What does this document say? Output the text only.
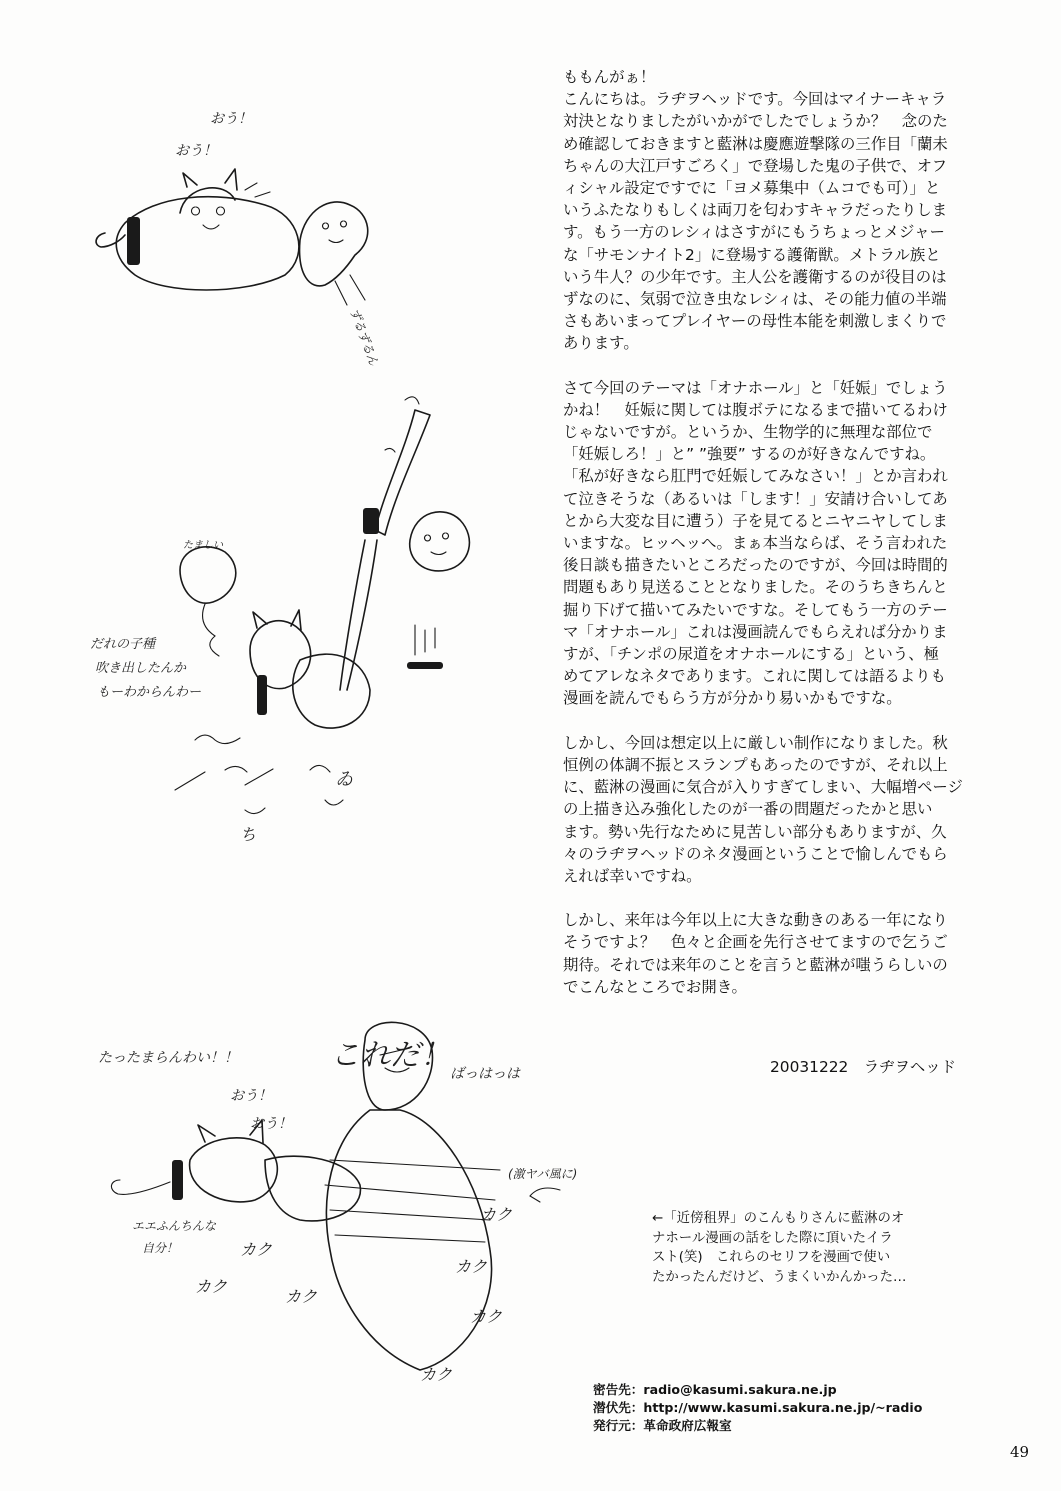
おう！
おう！
ずるずるん
たましい
だれの子種
吹き出したんか
もーわからんわー
ゐ
ち
これだ！
たったまらんわい！！
おう！
おう！
ばっはっは
(激ヤバ風に)
エエふんちんな
自分！	カク
カク
カク
カク
カク
カク
カク
ももんがぁ！
こんにちは。ラヂヲヘッドです。今回はマイナーキャラ
対決となりましたがいかがでしたでしょうか？　念のた
め確認しておきますと藍淋は慶應遊撃隊の三作目「蘭未
ちゃんの大江戸すごろく」で登場した鬼の子供で、オフ
ィシャル設定ですでに「ヨメ募集中（ムコでも可）」と
いうふたなりもしくは両刀を匂わすキャラだったりしま
す。もう一方のレシィはさすがにもうちょっとメジャー
な「サモンナイト2」に登場する護衛獣。メトラル族と
いう牛人？の少年です。主人公を護衛するのが役目のは
ずなのに、気弱で泣き虫なレシィは、その能力値の半端
さもあいまってプレイヤーの母性本能を刺激しまくりで
あります。
さて今回のテーマは「オナホール」と「妊娠」でしょう
かね！　妊娠に関しては腹ボテになるまで描いてるわけ
じゃないですが。というか、生物学的に無理な部位で
「妊娠しろ！」と” ”強要” するのが好きなんですね。
「私が好きなら肛門で妊娠してみなさい！」とか言われ
て泣きそうな（あるいは「します！」安請け合いしてあ
とから大変な目に遭う）子を見てるとニヤニヤしてしま
いますな。ヒッヘッへ。まぁ本当ならば、そう言われた
後日談も描きたいところだったのですが、今回は時間的
問題もあり見送ることとなりました。そのうちきちんと
掘り下げて描いてみたいですな。そしてもう一方のテー
マ「オナホール」これは漫画読んでもらえれば分かりま
すが、「チンポの尿道をオナホールにする」という、極
めてアレなネタであります。これに関しては語るよりも
漫画を読んでもらう方が分かり易いかもですな。
しかし、今回は想定以上に厳しい制作になりました。秋
恒例の体調不振とスランプもあったのですが、それ以上
に、藍淋の漫画に気合が入りすぎてしまい、大幅増ページ
の上描き込み強化したのが一番の問題だったかと思い
ます。勢い先行なために見苦しい部分もありますが、久
々のラヂヲヘッドのネタ漫画ということで愉しんでもら
えれば幸いですね。
しかし、来年は今年以上に大きな動きのある一年になり
そうですよ？　色々と企画を先行させてますので乞うご
期待。それでは来年のことを言うと藍淋が嗤うらしいの
でこんなところでお開き。
20031222　ラヂヲヘッド
←「近傍租界」のこんもりさんに藍淋のオ
ナホール漫画の話をした際に頂いたイラ
スト(笑)　これらのセリフを漫画で使い
たかったんだけど、うまくいかんかった…
密告先：radio@kasumi.sakura.ne.jp
潜伏先：http://www.kasumi.sakura.ne.jp/~radio
発行元：革命政府広報室
49
